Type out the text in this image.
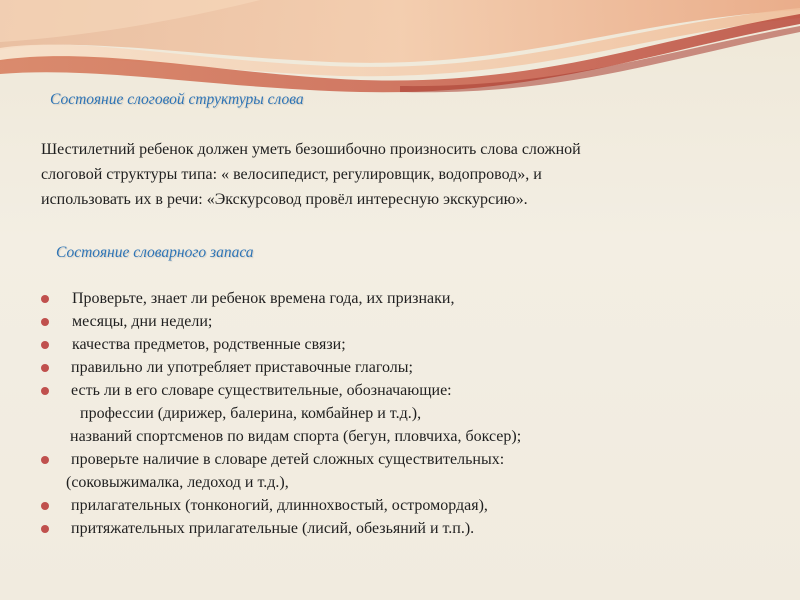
Состояние слоговой структуры слова
Шестилетний ребенок должен уметь безошибочно произносить слова сложной
слоговой структуры типа: « велосипедист, регулировщик, водопровод», и
использовать их в речи: «Экскурсовод провёл интересную экскурсию».
Состояние словарного запаса
Проверьте, знает ли ребенок времена года, их признаки,
месяцы, дни недели;
качества предметов, родственные связи;
правильно ли употребляет приставочные глаголы;
есть ли в его словаре существительные, обозначающие:
профессии (дирижер, балерина, комбайнер и т.д.),
названий спортсменов по видам спорта (бегун, пловчиха, боксер);
проверьте наличие в словаре детей сложных существительных:
(соковыжималка, ледоход и т.д.),
прилагательных (тонконогий, длиннохвостый, остромордая),
притяжательных прилагательные (лисий, обезьяний и т.п.).
